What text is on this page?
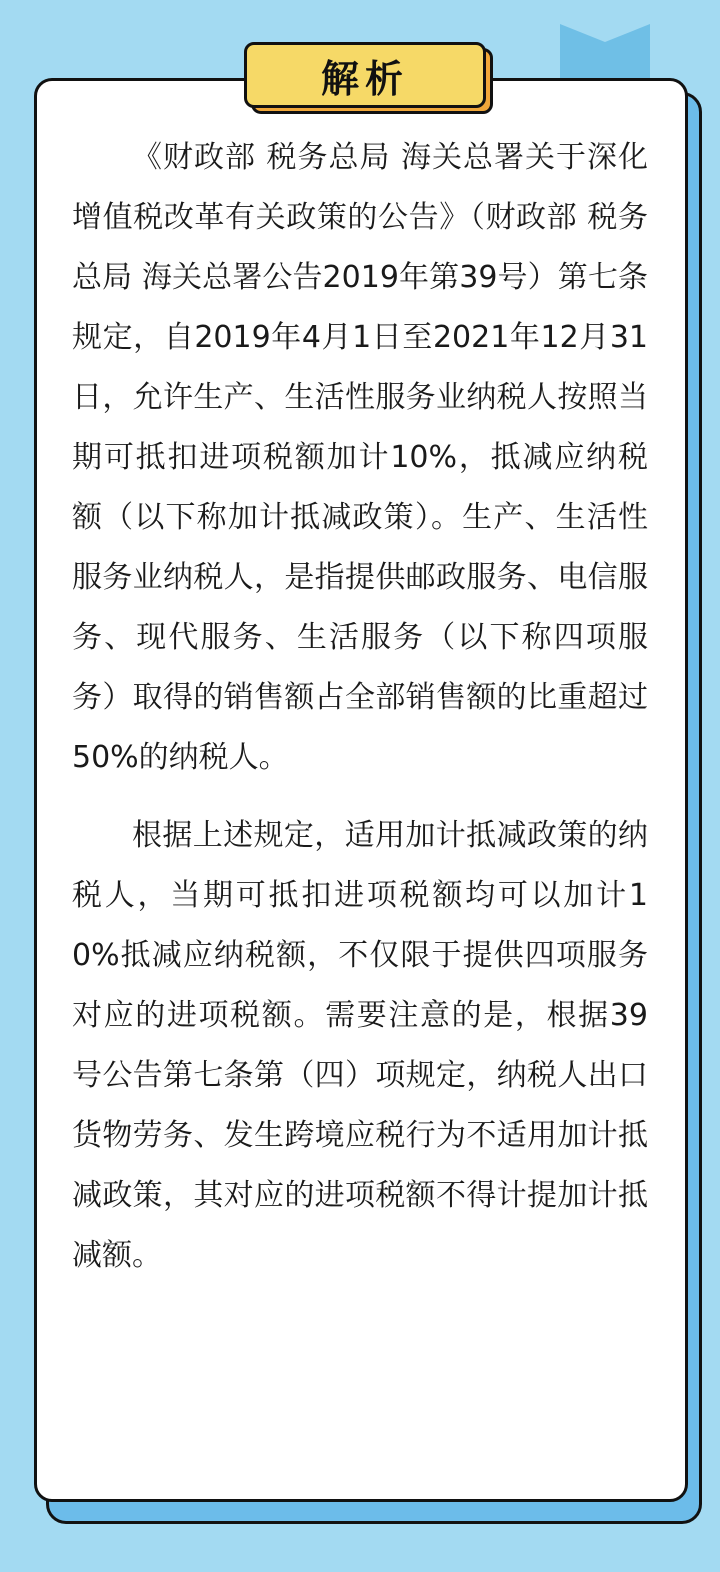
解析

《财政部 税务总局 海关总署关于深化增值税改革有关政策的公告》（财政部 税务总局 海关总署公告2019年第39号）第七条规定，自2019年4月1日至2021年12月31日，允许生产、生活性服务业纳税人按照当期可抵扣进项税额加计10%，抵减应纳税额（以下称加计抵减政策）。生产、生活性服务业纳税人，是指提供邮政服务、电信服务、现代服务、生活服务（以下称四项服务）取得的销售额占全部销售额的比重超过50%的纳税人。

根据上述规定，适用加计抵减政策的纳税人，当期可抵扣进项税额均可以加计10%抵减应纳税额，不仅限于提供四项服务对应的进项税额。需要注意的是，根据39号公告第七条第（四）项规定，纳税人出口货物劳务、发生跨境应税行为不适用加计抵减政策，其对应的进项税额不得计提加计抵减额。
